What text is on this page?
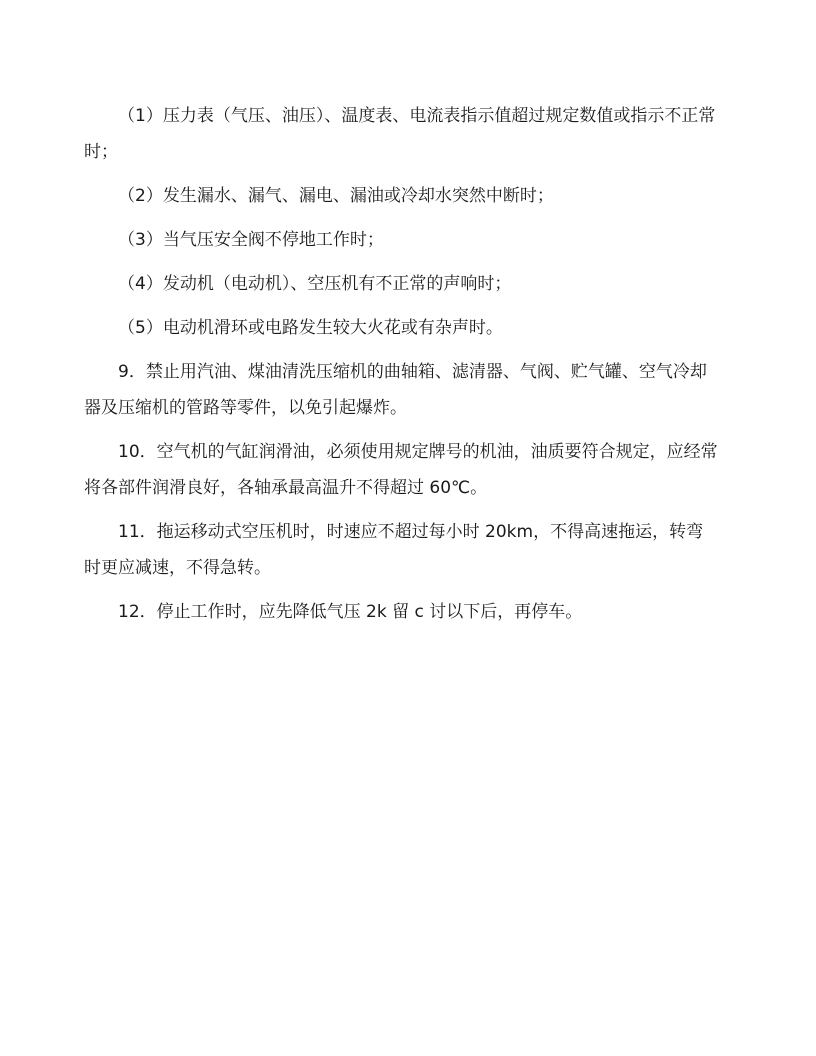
（1）压力表（气压、油压）、温度表、电流表指示值超过规定数值或指示不正常时；

（2）发生漏水、漏气、漏电、漏油或冷却水突然中断时；

（3）当气压安全阀不停地工作时；

（4）发动机（电动机）、空压机有不正常的声响时；

（5）电动机滑环或电路发生较大火花或有杂声时。

9．禁止用汽油、煤油清洗压缩机的曲轴箱、滤清器、气阀、贮气罐、空气冷却器及压缩机的管路等零件，以免引起爆炸。

10．空气机的气缸润滑油，必须使用规定牌号的机油，油质要符合规定，应经常将各部件润滑良好，各轴承最高温升不得超过 60℃。

11．拖运移动式空压机时，时速应不超过每小时 20km，不得高速拖运，转弯时更应减速，不得急转。

12．停止工作时，应先降低气压 2k 留 c 讨以下后，再停车。
